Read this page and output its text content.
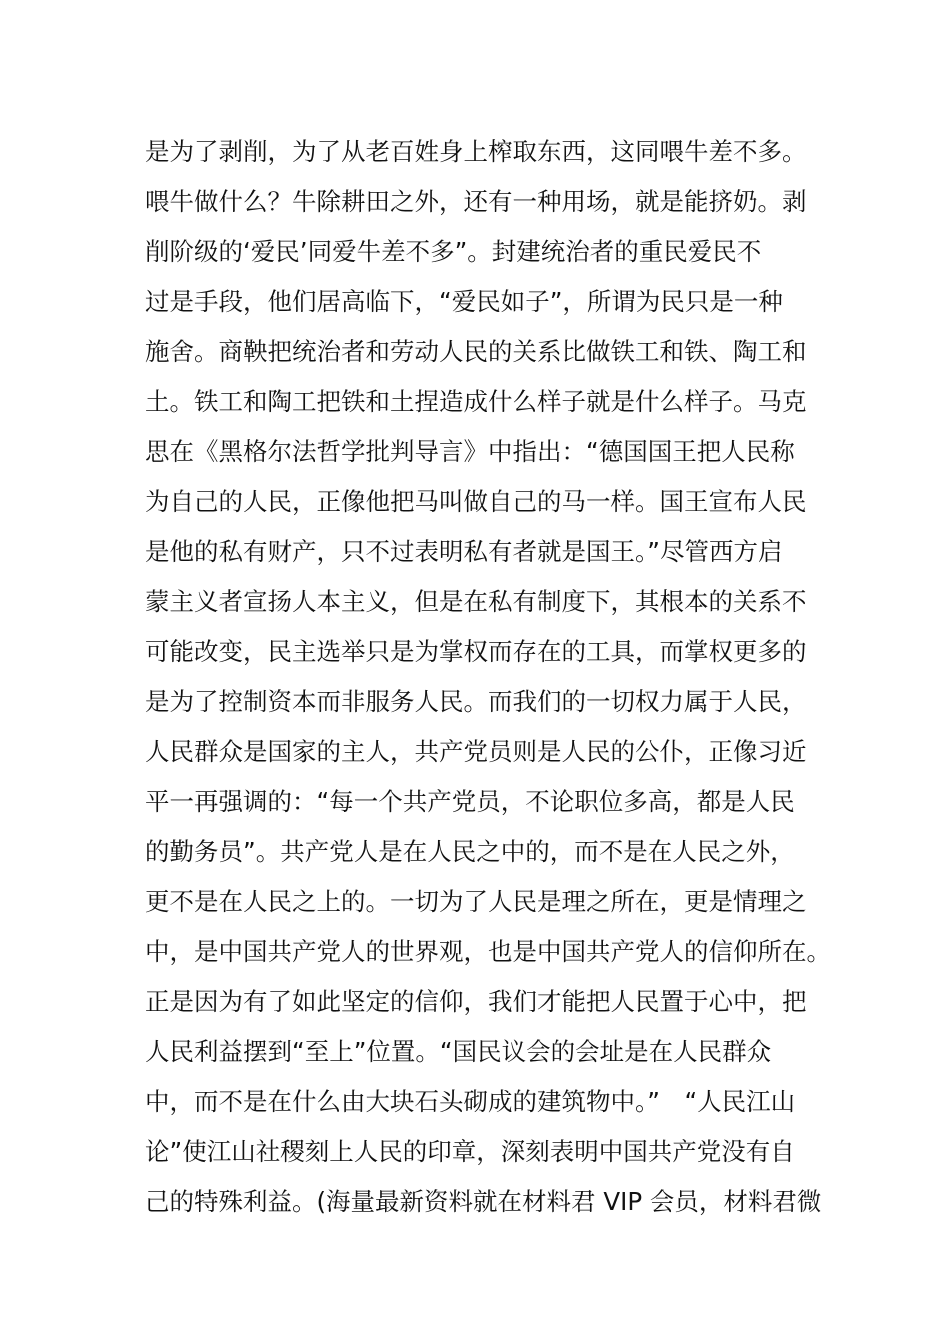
是为了剥削，为了从老百姓身上榨取东西，这同喂牛差不多。
喂牛做什么？牛除耕田之外，还有一种用场，就是能挤奶。剥
削阶级的‘爱民’同爱牛差不多”。封建统治者的重民爱民不
过是手段，他们居高临下，“爱民如子”，所谓为民只是一种
施舍。商鞅把统治者和劳动人民的关系比做铁工和铁、陶工和
土。铁工和陶工把铁和土捏造成什么样子就是什么样子。马克
思在《黑格尔法哲学批判导言》中指出：“德国国王把人民称
为自己的人民，正像他把马叫做自己的马一样。国王宣布人民
是他的私有财产，只不过表明私有者就是国王。”尽管西方启
蒙主义者宣扬人本主义，但是在私有制度下，其根本的关系不
可能改变，民主选举只是为掌权而存在的工具，而掌权更多的
是为了控制资本而非服务人民。而我们的一切权力属于人民，
人民群众是国家的主人，共产党员则是人民的公仆，正像习近
平一再强调的：“每一个共产党员，不论职位多高，都是人民
的勤务员”。共产党人是在人民之中的，而不是在人民之外，
更不是在人民之上的。一切为了人民是理之所在，更是情理之
中，是中国共产党人的世界观，也是中国共产党人的信仰所在。
正是因为有了如此坚定的信仰，我们才能把人民置于心中，把
人民利益摆到“至上”位置。“国民议会的会址是在人民群众
中，而不是在什么由大块石头砌成的建筑物中。”　“人民江山
论”使江山社稷刻上人民的印章，深刻表明中国共产党没有自
己的特殊利益。(海量最新资料就在材料君 VIP 会员，材料君微
